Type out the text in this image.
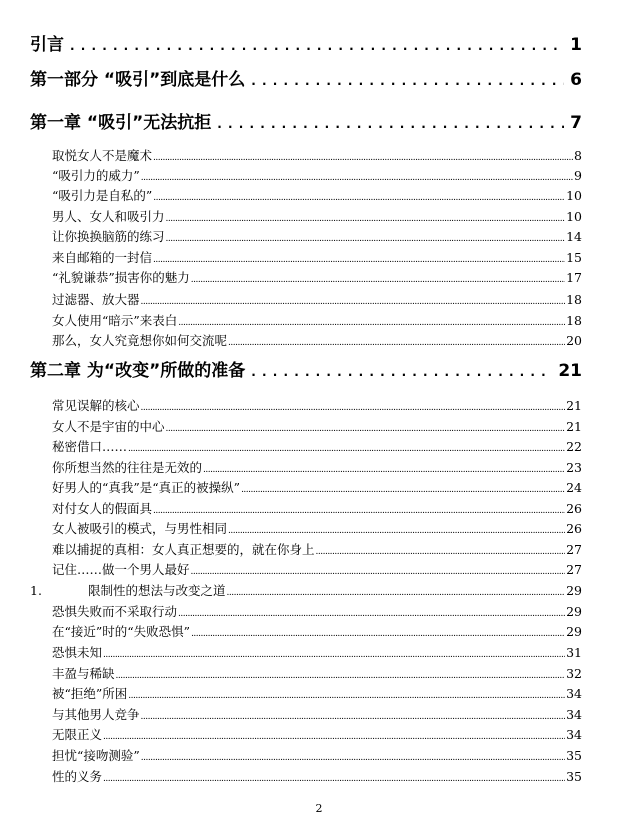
引言 . . .	1
第一部分 “吸引”到底是什么 . . .	6
第一章 “吸引”无法抗拒 . . .	7
取悦女人不是魔术 .....	8
“吸引力的威力” .....	9
“吸引力是自私的” .....	10
男人、女人和吸引力 .....	10
让你换换脑筋的练习 .....	14
来自邮箱的一封信 .....	15
“礼貌谦恭”损害你的魅力 .....	17
过滤器、放大器 .....	18
女人使用“暗示”来表白 .....	18
那么，女人究竟想你如何交流呢 .....	20
第二章 为“改变”所做的准备 . . .	21
常见误解的核心 .....	21
女人不是宇宙的中心 .....	21
秘密借口…… .....	22
你所想当然的往往是无效的 .....	23
好男人的“真我”是“真正的被操纵” .....	24
对付女人的假面具 .....	26
女人被吸引的模式，与男性相同 .....	26
难以捕捉的真相：女人真正想要的，就在你身上 .....	27
记住……做一个男人最好 .....	27
1.	限制性的想法与改变之道 .....	29
恐惧失败而不采取行动 .....	29
在“接近”时的“失败恐惧” .....	29
恐惧未知 .....	31
丰盈与稀缺 .....	32
被“拒绝”所困 .....	34
与其他男人竞争 .....	34
无限正义 .....	34
担忧“接吻测验” .....	35
性的义务 .....	35
2
